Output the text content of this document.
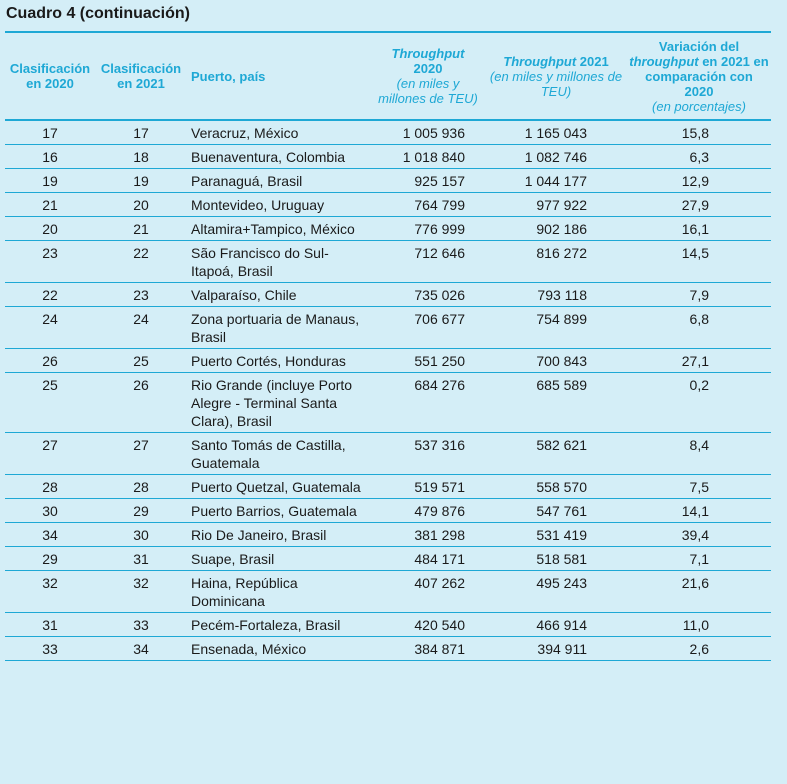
Cuadro 4 (continuación)
Clasificación en 2020	Clasificación en 2021	Puerto, país	Throughput
2020
(en miles y millones de TEU)	Throughput 2021
(en miles y millones de TEU)	Variación del throughput en 2021 en comparación con 2020
(en porcentajes)
17	17	Veracruz, México	1 005 936	1 165 043	15,8
16	18	Buenaventura, Colombia	1 018 840	1 082 746	6,3
19	19	Paranaguá, Brasil	925 157	1 044 177	12,9
21	20	Montevideo, Uruguay	764 799	977 922	27,9
20	21	Altamira+Tampico, México	776 999	902 186	16,1
23	22	São Francisco do Sul-Itapoá, Brasil	712 646	816 272	14,5
22	23	Valparaíso, Chile	735 026	793 118	7,9
24	24	Zona portuaria de Manaus, Brasil	706 677	754 899	6,8
26	25	Puerto Cortés, Honduras	551 250	700 843	27,1
25	26	Rio Grande (incluye Porto Alegre - Terminal Santa Clara), Brasil	684 276	685 589	0,2
27	27	Santo Tomás de Castilla, Guatemala	537 316	582 621	8,4
28	28	Puerto Quetzal, Guatemala	519 571	558 570	7,5
30	29	Puerto Barrios, Guatemala	479 876	547 761	14,1
34	30	Rio De Janeiro, Brasil	381 298	531 419	39,4
29	31	Suape, Brasil	484 171	518 581	7,1
32	32	Haina, República Dominicana	407 262	495 243	21,6
31	33	Pecém-Fortaleza, Brasil	420 540	466 914	11,0
33	34	Ensenada, México	384 871	394 911	2,6
